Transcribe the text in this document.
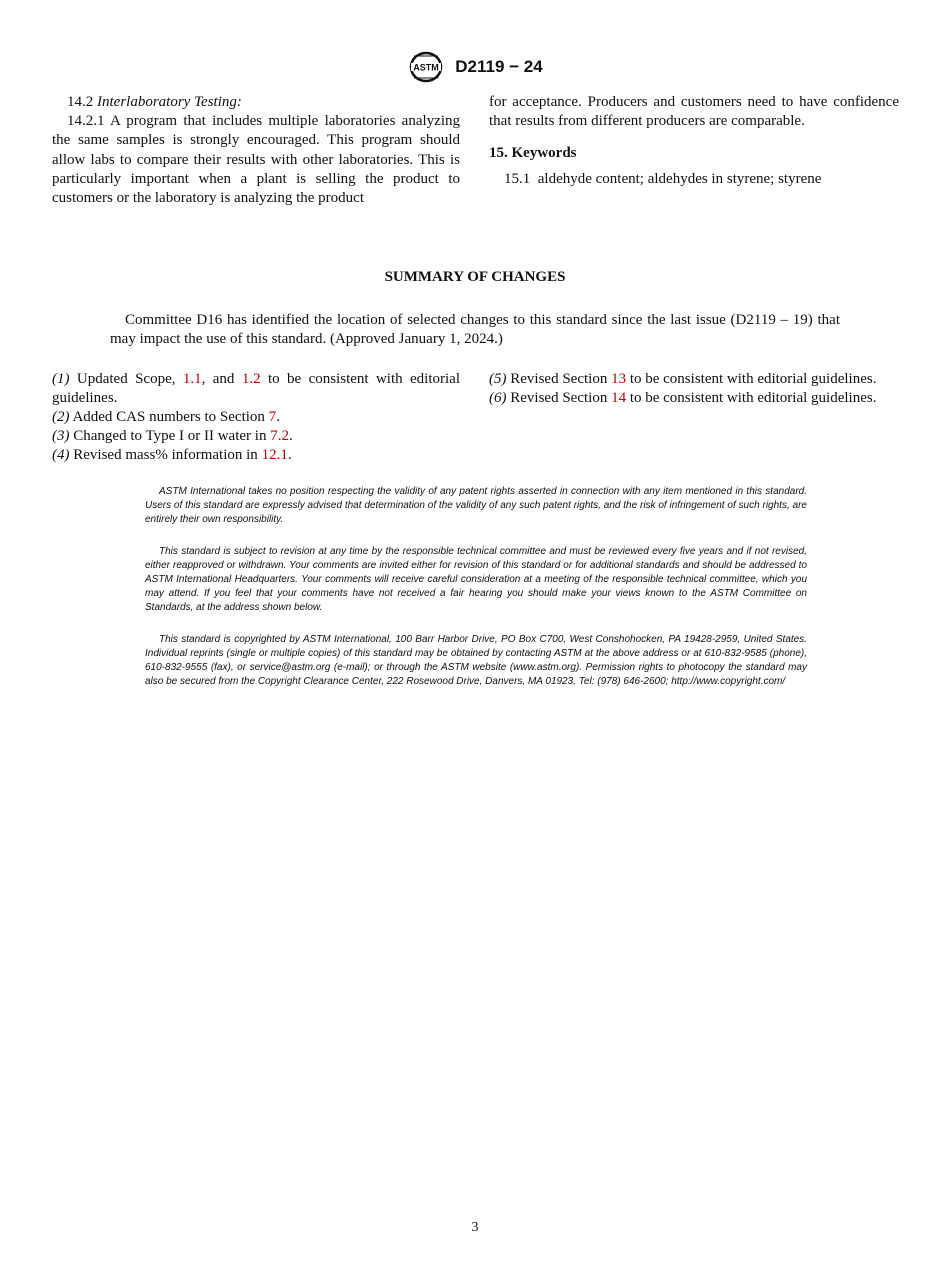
ASTM D2119 − 24

14.2 Interlaboratory Testing:

14.2.1 A program that includes multiple laboratories analyzing the same samples is strongly encouraged. This program should allow labs to compare their results with other laboratories. This is particularly important when a plant is selling the product to customers or the laboratory is analyzing the product

for acceptance. Producers and customers need to have confidence that results from different producers are comparable.

15. Keywords

15.1 aldehyde content; aldehydes in styrene; styrene

SUMMARY OF CHANGES
Committee D16 has identified the location of selected changes to this standard since the last issue (D2119 – 19) that may impact the use of this standard. (Approved January 1, 2024.)

(1) Updated Scope, 1.1, and 1.2 to be consistent with editorial guidelines.

(2) Added CAS numbers to Section 7.

(3) Changed to Type I or II water in 7.2.

(4) Revised mass% information in 12.1.

(5) Revised Section 13 to be consistent with editorial guidelines.

(6) Revised Section 14 to be consistent with editorial guidelines.

ASTM International takes no position respecting the validity of any patent rights asserted in connection with any item mentioned in this standard. Users of this standard are expressly advised that determination of the validity of any such patent rights, and the risk of infringement of such rights, are entirely their own responsibility.

This standard is subject to revision at any time by the responsible technical committee and must be reviewed every five years and if not revised, either reapproved or withdrawn. Your comments are invited either for revision of this standard or for additional standards and should be addressed to ASTM International Headquarters. Your comments will receive careful consideration at a meeting of the responsible technical committee, which you may attend. If you feel that your comments have not received a fair hearing you should make your views known to the ASTM Committee on Standards, at the address shown below.

This standard is copyrighted by ASTM International, 100 Barr Harbor Drive, PO Box C700, West Conshohocken, PA 19428-2959, United States. Individual reprints (single or multiple copies) of this standard may be obtained by contacting ASTM at the above address or at 610-832-9585 (phone), 610-832-9555 (fax), or service@astm.org (e-mail); or through the ASTM website (www.astm.org). Permission rights to photocopy the standard may also be secured from the Copyright Clearance Center, 222 Rosewood Drive, Danvers, MA 01923, Tel: (978) 646-2600; http://www.copyright.com/

3
